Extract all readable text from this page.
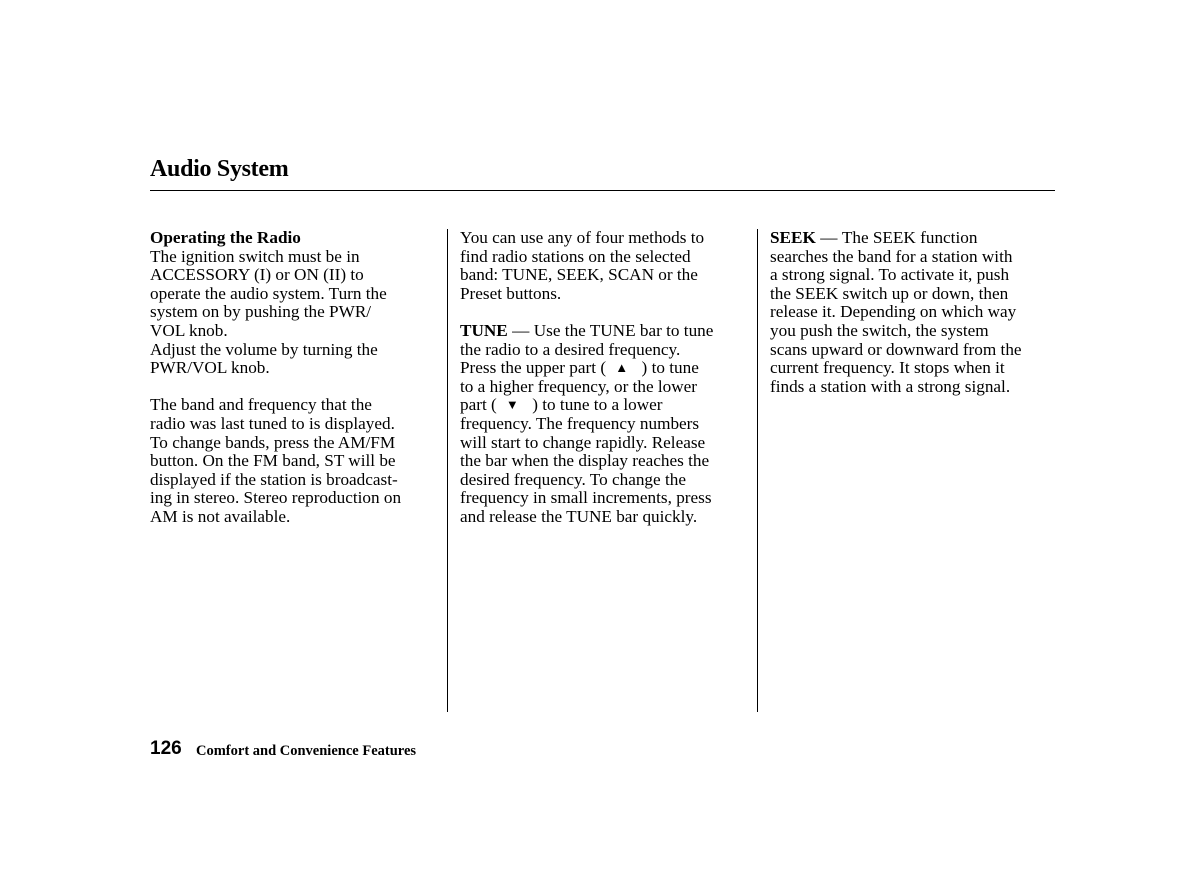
Audio System
Operating the Radio
The ignition switch must be in
ACCESSORY (I) or ON (II) to
operate the audio system. Turn the
system on by pushing the PWR/
VOL knob.
Adjust the volume by turning the
PWR/VOL knob.
The band and frequency that the
radio was last tuned to is displayed.
To change bands, press the AM/FM
button. On the FM band, ST will be
displayed if the station is broadcast-
ing in stereo. Stereo reproduction on
AM is not available.
You can use any of four methods to
find radio stations on the selected
band: TUNE, SEEK, SCAN or the
Preset buttons.
TUNE — Use the TUNE bar to tune
the radio to a desired frequency.
Press the upper part ( ▲ ) to tune
to a higher frequency, or the lower
part ( ▼ ) to tune to a lower
frequency. The frequency numbers
will start to change rapidly. Release
the bar when the display reaches the
desired frequency. To change the
frequency in small increments, press
and release the TUNE bar quickly.
SEEK — The SEEK function
searches the band for a station with
a strong signal. To activate it, push
the SEEK switch up or down, then
release it. Depending on which way
you push the switch, the system
scans upward or downward from the
current frequency. It stops when it
finds a station with a strong signal.
126 Comfort and Convenience Features
